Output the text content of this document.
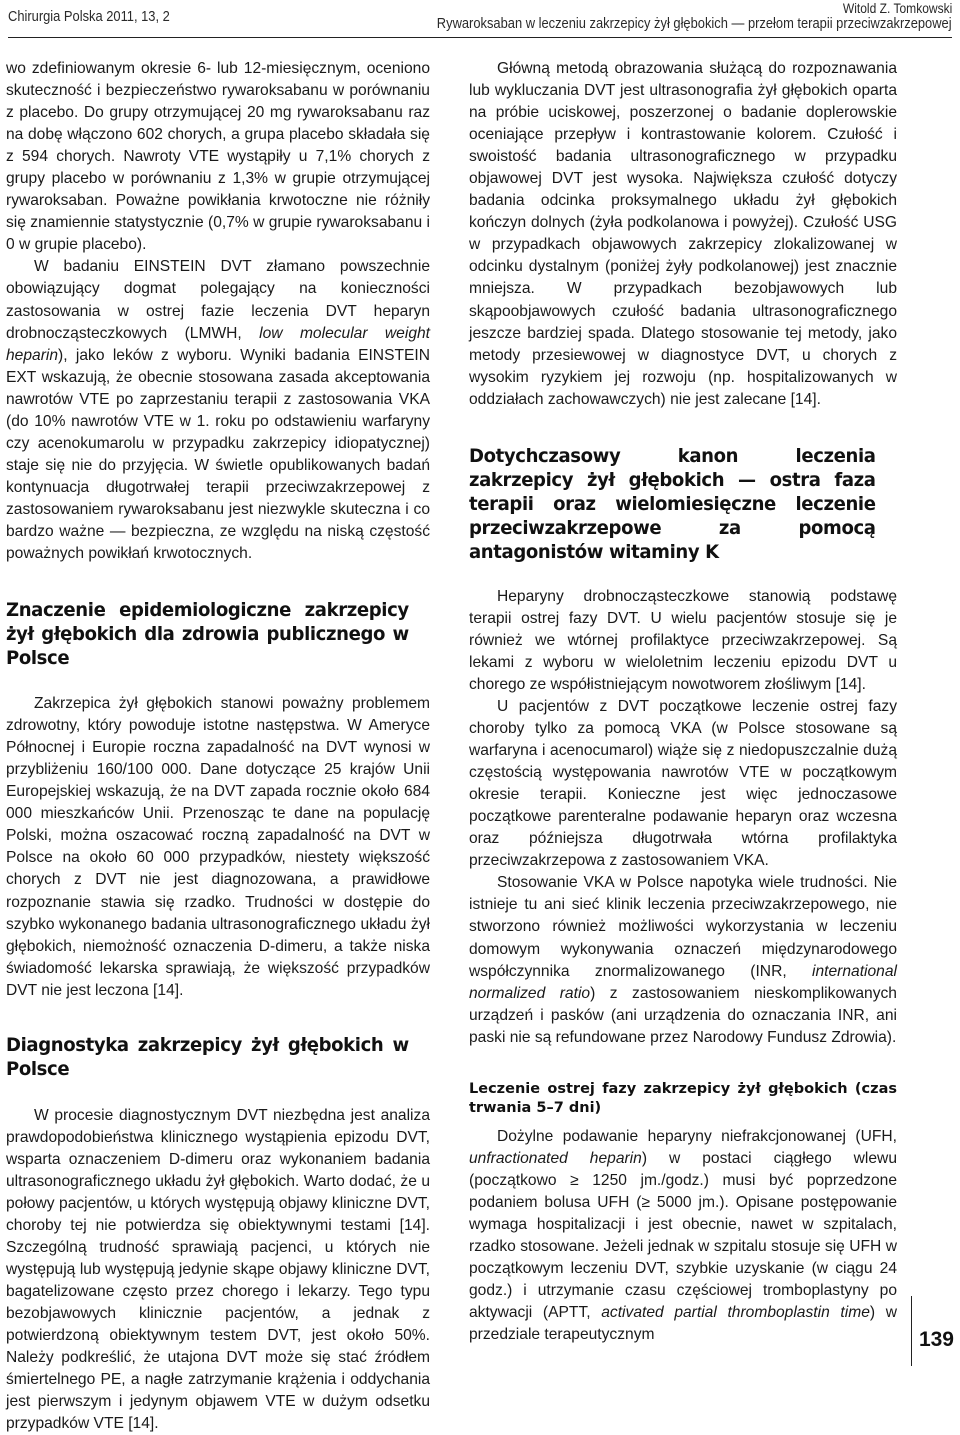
Chirurgia Polska 2011, 13, 2	Witold Z. Tomkowski
Rywaroksaban w leczeniu zakrzepicy żył głębokich — przełom terapii przeciwzakrzepowej

wo zdefiniowanym okresie 6- lub 12-miesięcznym, oceniono skuteczność i bezpieczeństwo rywaroksabanu w porównaniu z placebo. Do grupy otrzymującej 20 mg rywaroksabanu raz na dobę włączono 602 chorych, a grupa placebo składała się z 594 chorych. Nawroty VTE wystąpiły u 7,1% chorych z grupy placebo w porównaniu z 1,3% w grupie otrzymującej rywaroksaban. Poważne powikłania krwotoczne nie różniły się znamiennie statystycznie (0,7% w grupie rywaroksabanu i 0 w grupie placebo).

W badaniu EINSTEIN DVT złamano powszechnie obowiązujący dogmat polegający na konieczności zastosowania w ostrej fazie leczenia DVT heparyn drobnocząsteczkowych (LMWH, low molecular weight heparin), jako leków z wyboru. Wyniki badania EINSTEIN EXT wskazują, że obecnie stosowana zasada akceptowania nawrotów VTE po zaprzestaniu terapii z zastosowania VKA (do 10% nawrotów VTE w 1. roku po odstawieniu warfaryny czy acenokumarolu w przypadku zakrzepicy idiopatycznej) staje się nie do przyjęcia. W świetle opublikowanych badań kontynuacja długotrwałej terapii przeciwzakrzepowej z zastosowaniem rywaroksabanu jest niezwykle skuteczna i co bardzo ważne — bezpieczna, ze względu na niską częstość poważnych powikłań krwotocznych.

Znaczenie epidemiologiczne zakrzepicy żył głębokich dla zdrowia publicznego w Polsce

Zakrzepica żył głębokich stanowi poważny problemem zdrowotny, który powoduje istotne następstwa. W Ameryce Północnej i Europie roczna zapadalność na DVT wynosi w przybliżeniu 160/100 000. Dane dotyczące 25 krajów Unii Europejskiej wskazują, że na DVT zapada rocznie około 684 000 mieszkańców Unii. Przenosząc te dane na populację Polski, można oszacować roczną zapadalność na DVT w Polsce na około 60 000 przypadków, niestety większość chorych z DVT nie jest diagnozowana, a prawidłowe rozpoznanie stawia się rzadko. Trudności w dostępie do szybko wykonanego badania ultrasonograficznego układu żył głębokich, niemożność oznaczenia D-dimeru, a także niska świadomość lekarska sprawiają, że większość przypadków DVT nie jest leczona [14].

Diagnostyka zakrzepicy żył głębokich w Polsce

W procesie diagnostycznym DVT niezbędna jest analiza prawdopodobieństwa klinicznego wystąpienia epizodu DVT, wsparta oznaczeniem D-dimeru oraz wykonaniem badania ultrasonograficznego układu żył głębokich. Warto dodać, że u połowy pacjentów, u których występują objawy kliniczne DVT, choroby tej nie potwierdza się obiektywnymi testami [14]. Szczególną trudność sprawiają pacjenci, u których nie występują lub występują jedynie skąpe objawy kliniczne DVT, bagatelizowane często przez chorego i lekarzy. Tego typu bezobjawowych klinicznie pacjentów, a jednak z potwierdzoną obiektywnym testem DVT, jest około 50%. Należy podkreślić, że utajona DVT może się stać źródłem śmiertelnego PE, a nagłe zatrzymanie krążenia i oddychania jest pierwszym i jedynym objawem VTE w dużym odsetku przypadków VTE [14].

Główną metodą obrazowania służącą do rozpoznawania lub wykluczania DVT jest ultrasonografia żył głębokich oparta na próbie uciskowej, poszerzonej o badanie doplerowskie oceniające przepływ i kontrastowanie kolorem. Czułość i swoistość badania ultrasonograficznego w przypadku objawowej DVT jest wysoka. Największa czułość dotyczy badania odcinka proksymalnego układu żył głębokich kończyn dolnych (żyła podkolanowa i powyżej). Czułość USG w przypadkach objawowych zakrzepicy zlokalizowanej w odcinku dystalnym (poniżej żyły podkolanowej) jest znacznie mniejsza. W przypadkach bezobjawowych lub skąpoobjawowych czułość badania ultrasonograficznego jeszcze bardziej spada. Dlatego stosowanie tej metody, jako metody przesiewowej w diagnostyce DVT, u chorych z wysokim ryzykiem jej rozwoju (np. hospitalizowanych w oddziałach zachowawczych) nie jest zalecane [14].

Dotychczasowy kanon leczenia zakrzepicy żył głębokich — ostra faza terapii oraz wielomiesięczne leczenie przeciwzakrzepowe za pomocą antagonistów witaminy K

Heparyny drobnocząsteczkowe stanowią podstawę terapii ostrej fazy DVT. U wielu pacjentów stosuje się je również we wtórnej profilaktyce przeciwzakrzepowej. Są lekami z wyboru w wieloletnim leczeniu epizodu DVT u chorego ze współistniejącym nowotworem złośliwym [14].

U pacjentów z DVT początkowe leczenie ostrej fazy choroby tylko za pomocą VKA (w Polsce stosowane są warfaryna i acenocumarol) wiąże się z niedopuszczalnie dużą częstością występowania nawrotów VTE w początkowym okresie terapii. Konieczne jest więc jednoczasowe początkowe parenteralne podawanie heparyn oraz wczesna oraz późniejsza długotrwała wtórna profilaktyka przeciwzakrzepowa z zastosowaniem VKA.

Stosowanie VKA w Polsce napotyka wiele trudności. Nie istnieje tu ani sieć klinik leczenia przeciwzakrzepowego, nie stworzono również możliwości wykorzystania w leczeniu domowym wykonywania oznaczeń międzynarodowego współczynnika znormalizowanego (INR, international normalized ratio) z zastosowaniem nieskomplikowanych urządzeń i pasków (ani urządzenia do oznaczania INR, ani paski nie są refundowane przez Narodowy Fundusz Zdrowia).

Leczenie ostrej fazy zakrzepicy żył głębokich (czas trwania 5–7 dni)

Dożylne podawanie heparyny niefrakcjonowanej (UFH, unfractionated heparin) w postaci ciągłego wlewu (początkowo ≥ 1250 jm./godz.) musi być poprzedzone podaniem bolusa UFH (≥ 5000 jm.). Opisane postępowanie wymaga hospitalizacji i jest obecnie, nawet w szpitalach, rzadko stosowane. Jeżeli jednak w szpitalu stosuje się UFH w początkowym leczeniu DVT, szybkie uzyskanie (w ciągu 24 godz.) i utrzymanie czasu częściowej tromboplastyny po aktywacji (APTT, activated partial thromboplastin time) w przedziale terapeutycznym	139
